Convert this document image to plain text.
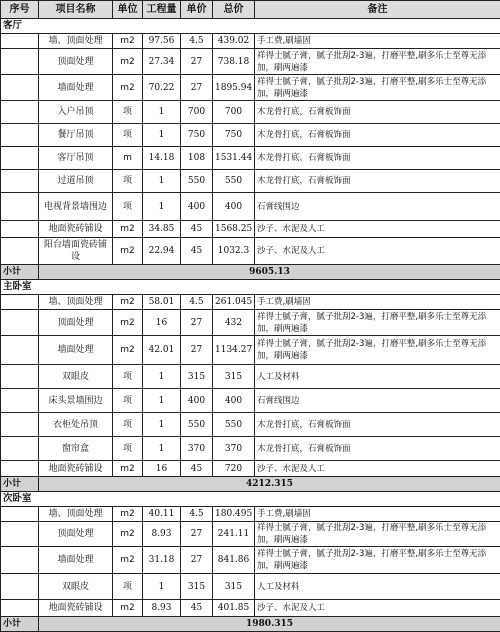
序号	项目名称	单位	工程量	单价	总价	备注
客厅						
	墙、顶面处理	m2	97.56	4.5	439.02	手工费,刷墙固
	顶面处理	m2	27.34	27	738.18	祥得士腻子膏，腻子批刮2-3遍，打磨平整,刷多乐士至尊无添加，刷两遍漆
	墙面处理	m2	70.22	27	1895.94	祥得士腻子膏，腻子批刮2-3遍，打磨平整,刷多乐士至尊无添加，刷两遍漆
	入户吊顶	项	1	700	700	木龙骨打底，石膏板饰面
	餐厅吊顶	项	1	750	750	木龙骨打底，石膏板饰面
	客厅吊顶	m	14.18	108	1531.44	木龙骨打底，石膏板饰面
	过道吊顶	项	1	550	550	木龙骨打底，石膏板饰面
	电视背景墙围边	项	1	400	400	石膏线围边
	地面瓷砖铺设	m2	34.85	45	1568.25	沙子、水泥及人工
	阳台墙面瓷砖铺设	m2	22.94	45	1032.3	沙子、水泥及人工
小计	9605.13					
主卧室						
	墙、顶面处理	m2	58.01	4.5	261.045	手工费,刷墙固
	顶面处理	m2	16	27	432	祥得士腻子膏，腻子批刮2-3遍，打磨平整,刷多乐士至尊无添加，刷两遍漆
	墙面处理	m2	42.01	27	1134.27	祥得士腻子膏，腻子批刮2-3遍，打磨平整,刷多乐士至尊无添加，刷两遍漆
	双眼皮	项	1	315	315	人工及材料
	床头景墙围边	项	1	400	400	石膏线围边
	衣柜处吊顶	项	1	550	550	木龙骨打底，石膏板饰面
	窗帘盒	项	1	370	370	木龙骨打底，石膏板饰面
	地面瓷砖铺设	m2	16	45	720	沙子、水泥及人工
小计	4212.315					
次卧室						
	墙、顶面处理	m2	40.11	4.5	180.495	手工费,刷墙固
	顶面处理	m2	8.93	27	241.11	祥得士腻子膏，腻子批刮2-3遍，打磨平整,刷多乐士至尊无添加，刷两遍漆
	墙面处理	m2	31.18	27	841.86	祥得士腻子膏，腻子批刮2-3遍，打磨平整,刷多乐士至尊无添加，刷两遍漆
	双眼皮	项	1	315	315	人工及材料
	地面瓷砖铺设	m2	8.93	45	401.85	沙子、水泥及人工
小计	1980.315					
